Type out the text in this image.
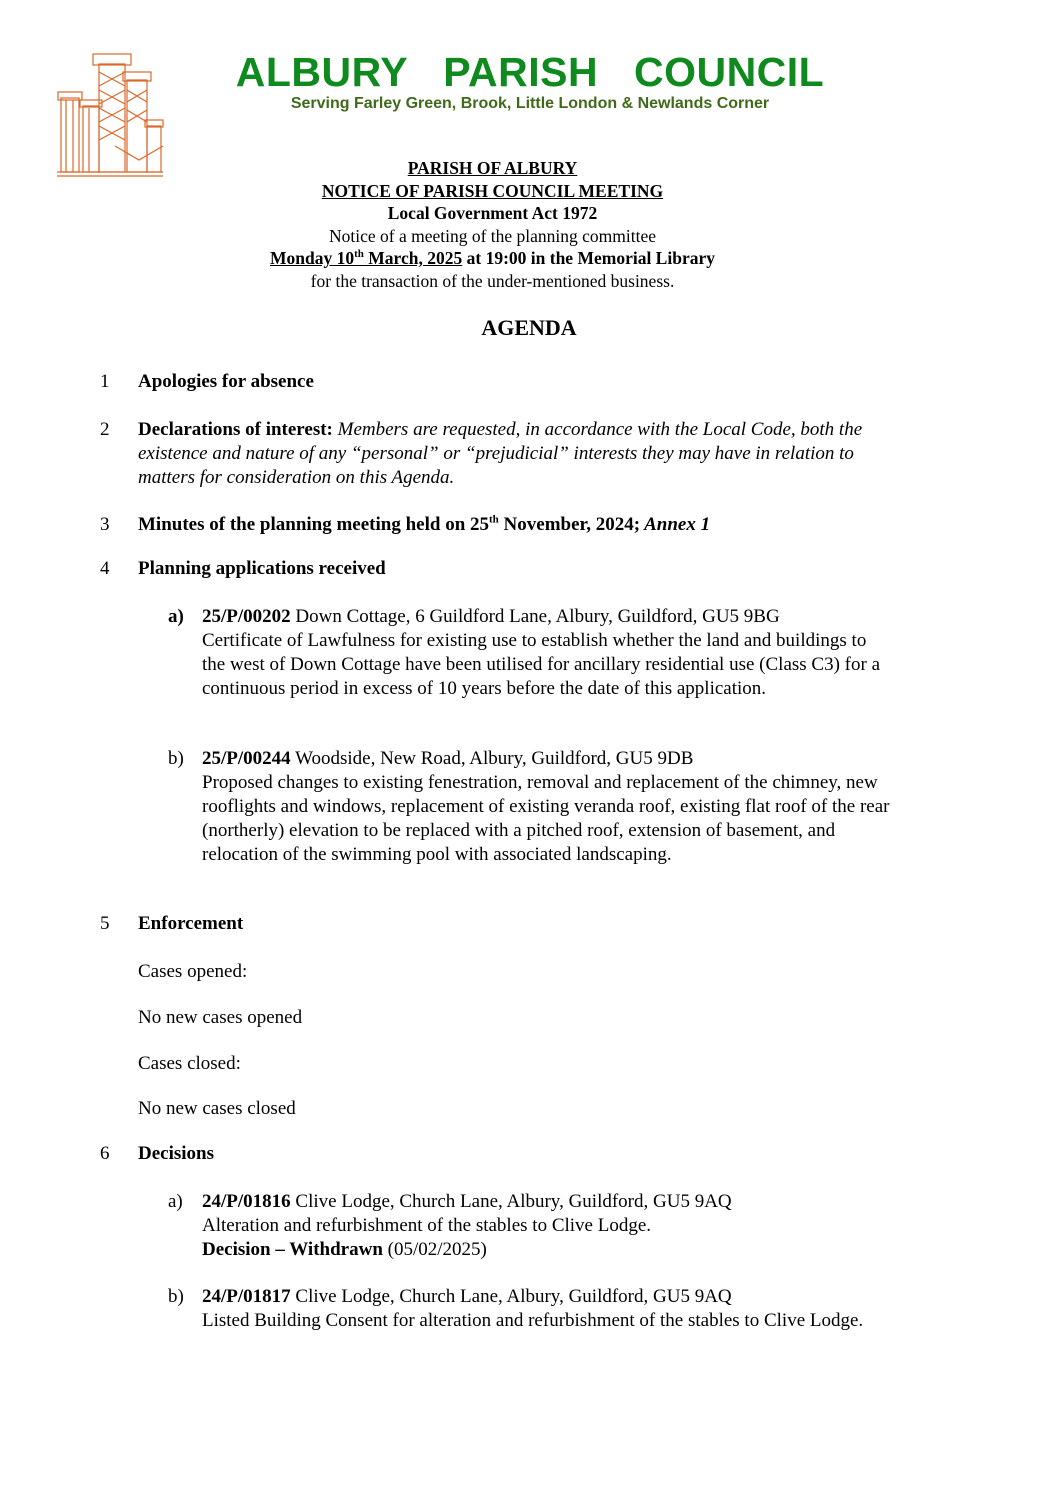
ALBURY PARISH COUNCIL
Serving Farley Green, Brook, Little London & Newlands Corner
PARISH OF ALBURY
NOTICE OF PARISH COUNCIL MEETING
Local Government Act 1972
Notice of a meeting of the planning committee
Monday 10th March, 2025 at 19:00 in the Memorial Library
for the transaction of the under-mentioned business.
AGENDA
1	Apologies for absence
2	Declarations of interest: Members are requested, in accordance with the Local Code, both the existence and nature of any “personal” or “prejudicial” interests they may have in relation to matters for consideration on this Agenda.
3	Minutes of the planning meeting held on 25th November, 2024; Annex 1
4	Planning applications received
a) 25/P/00202 Down Cottage, 6 Guildford Lane, Albury, Guildford, GU5 9BG
Certificate of Lawfulness for existing use to establish whether the land and buildings to the west of Down Cottage have been utilised for ancillary residential use (Class C3) for a continuous period in excess of 10 years before the date of this application.
b) 25/P/00244 Woodside, New Road, Albury, Guildford, GU5 9DB
Proposed changes to existing fenestration, removal and replacement of the chimney, new rooflights and windows, replacement of existing veranda roof, existing flat roof of the rear (northerly) elevation to be replaced with a pitched roof, extension of basement, and relocation of the swimming pool with associated landscaping.
5	Enforcement
Cases opened:
No new cases opened
Cases closed:
No new cases closed
6	Decisions
a)	24/P/01816 Clive Lodge, Church Lane, Albury, Guildford, GU5 9AQ
Alteration and refurbishment of the stables to Clive Lodge.
Decision – Withdrawn (05/02/2025)
b) 24/P/01817 Clive Lodge, Church Lane, Albury, Guildford, GU5 9AQ
Listed Building Consent for alteration and refurbishment of the stables to Clive Lodge.
